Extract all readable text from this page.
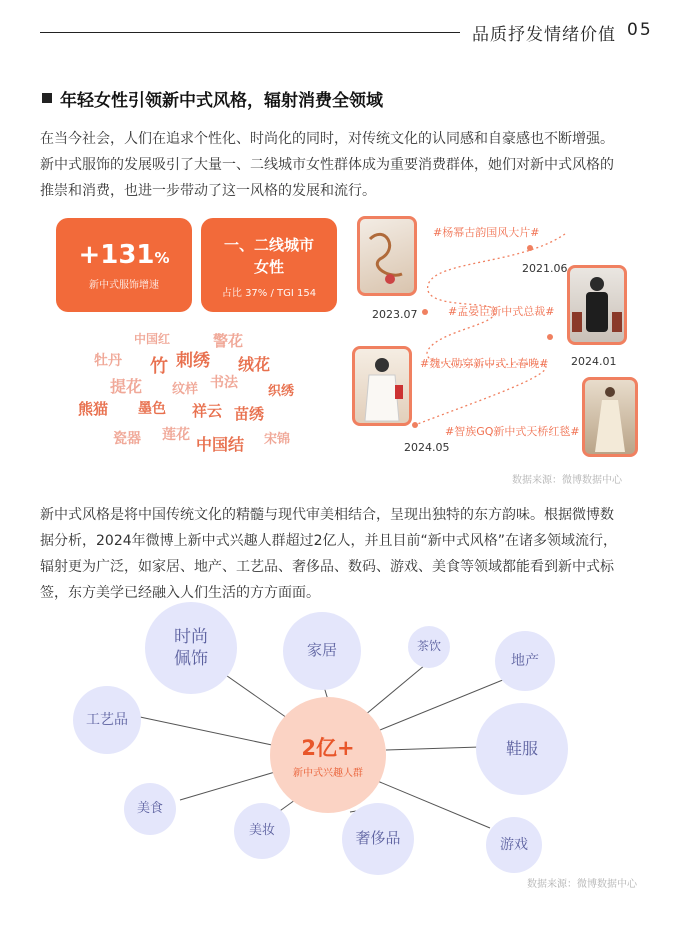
品质抒发情绪价值 05
年轻女性引领新中式风格，辐射消费全领域
在当今社会，人们在追求个性化、时尚化的同时，对传统文化的认同感和自豪感也不断增强。
新中式服饰的发展吸引了大量一、二线城市女性群体成为重要消费群体，她们对新中式风格的
推崇和消费，也进一步带动了这一风格的发展和流行。
+131%
新中式服饰增速
一、二线城市
女性
占比 37% / TGI 154
中国红	警花
牡丹 竹 刺绣 绒花
提花 纹样 书法
织绣
熊猫 墨色 祥云 苗绣
瓷器 莲花 中国结 宋锦
#杨幂古韵国风大片#
2021.06
2023.07	#孟晏臣新中式总裁#
#魏大勋穿新中式上春晚# 2024.01
#智族GQ新中式天桥红毯#
2024.05
数据来源：微博数据中心
新中式风格是将中国传统文化的精髓与现代审美相结合，呈现出独特的东方韵味。根据微博数
据分析，2024年微博上新中式兴趣人群超过2亿人，并且目前“新中式风格”在诸多领域流行，
辐射更为广泛，如家居、地产、工艺品、奢侈品、数码、游戏、美食等领域都能看到新中式标
签，东方美学已经融入人们生活的方方面面。
时尚佩饰	家居	茶饮
地产
工艺品
鞋服
美食
美妆	奢侈品	游戏
2亿+
新中式兴趣人群
数据来源：微博数据中心
